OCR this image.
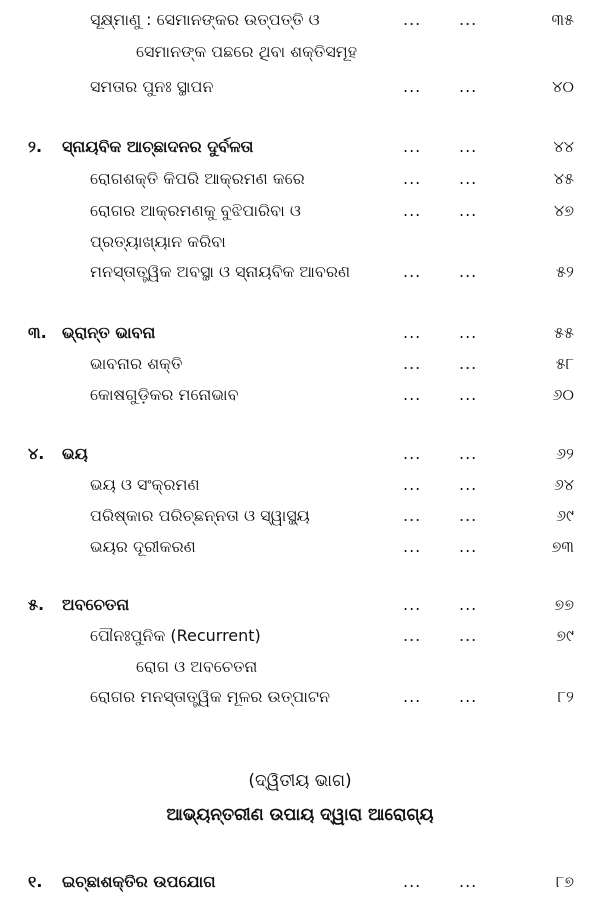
ସୂକ୍ଷ୍ମାଣୁ : ସେମାନଙ୍କର ଉତ୍ପତ୍ତି ଓ	... ...	୩୫
ସେମାନଙ୍କ ପଛରେ ଥିବା ଶକ୍ତିସମୂହ
ସମତାର ପୁନଃ ସ୍ଥାପନ	... ...	୪୦
୨. ସ୍ନାୟବିକ ଆଚ୍ଛାଦନର ଦୁର୍ବଳତା	... ...	୪୪
ରୋଗଶକ୍ତି କିପରି ଆକ୍ରମଣ କରେ	... ...	୪୫
ରୋଗର ଆକ୍ରମଣକୁ ବୁଝିପାରିବା ଓ	... ...	୪୭
ପ୍ରତ୍ୟାଖ୍ୟାନ କରିବା
ମନସ୍ତାତ୍ତ୍ୱିକ ଅବସ୍ଥା ଓ ସ୍ନାୟବିକ ଆବରଣ	... ...	୫୨
୩. ଭ୍ରାନ୍ତ ଭାବନା	... ...	୫୫
ଭାବନାର ଶକ୍ତି	... ...	୫୮
କୋଷଗୁଡ଼ିକର ମନୋଭାବ	... ...	୬୦
୪. ଭୟ	... ...	୬୨
ଭୟ ଓ ସଂକ୍ରମଣ	... ...	୬୪
ପରିଷ୍କାର ପରିଚ୍ଛନ୍ନତା ଓ ସ୍ୱାସ୍ଥ୍ୟ	... ...	୬୯
ଭୟର ଦୂରୀକରଣ	... ...	୭୩
୫. ଅବଚେତନା	... ...	୭୭
ପୌନଃପୁନିକ (Recurrent)	... ...	୭୯
ରୋଗ ଓ ଅବଚେତନା
ରୋଗର ମନସ୍ତାତ୍ତ୍ୱିକ ମୂଳର ଉତ୍ପାଟନ	... ...	୮୨
(ଦ୍ୱିତୀୟ ଭାଗ)
ଆଭ୍ୟନ୍ତରୀଣ ଉପାୟ ଦ୍ୱାରା ଆରୋଗ୍ୟ
୧. ଇଚ୍ଛାଶକ୍ତିର ଉପଯୋଗ	... ...	୮୭
